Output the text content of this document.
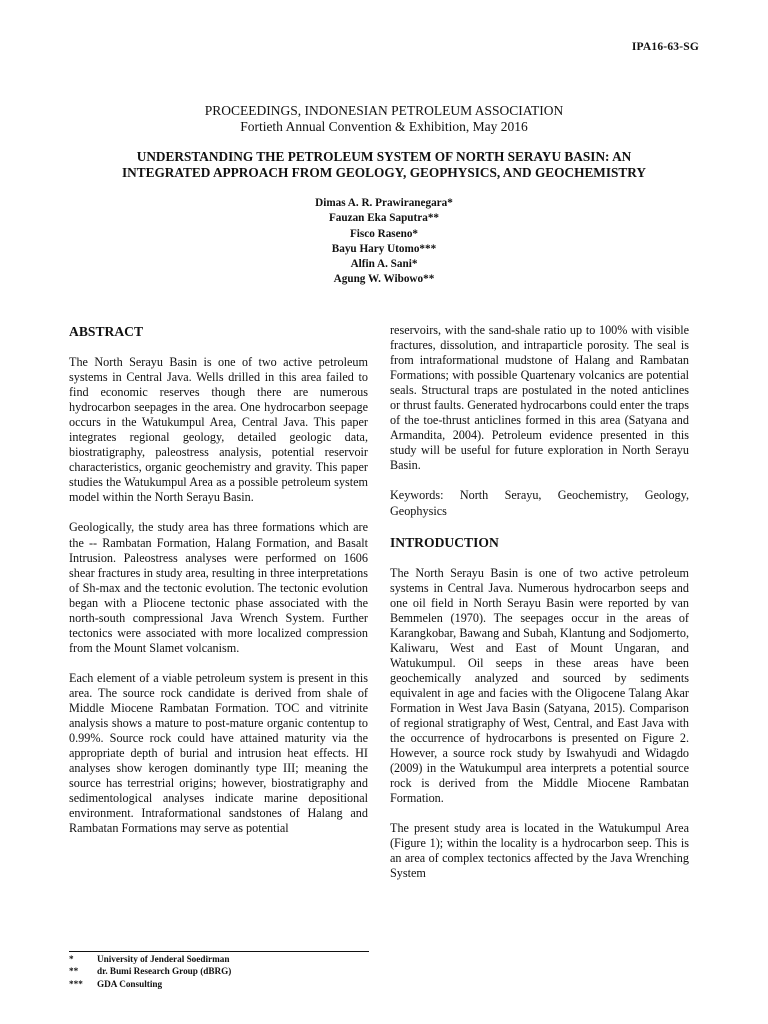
IPA16-63-SG
PROCEEDINGS, INDONESIAN PETROLEUM ASSOCIATION
Fortieth Annual Convention & Exhibition, May 2016
UNDERSTANDING THE PETROLEUM SYSTEM OF NORTH SERAYU BASIN: AN
INTEGRATED APPROACH FROM GEOLOGY, GEOPHYSICS, AND GEOCHEMISTRY
Dimas A. R. Prawiranegara*
Fauzan Eka Saputra**
Fisco Raseno*
Bayu Hary Utomo***
Alfin A. Sani*
Agung W. Wibowo**
ABSTRACT

The North Serayu Basin is one of two active petroleum systems in Central Java. Wells drilled in this area failed to find economic reserves though there are numerous hydrocarbon seepages in the area. One hydrocarbon seepage occurs in the Watukumpul Area, Central Java. This paper integrates regional geology, detailed geologic data, biostratigraphy, paleostress analysis, potential reservoir characteristics, organic geochemistry and gravity. This paper studies the Watukumpul Area as a possible petroleum system model within the North Serayu Basin.

Geologically, the study area has three formations which are the -- Rambatan Formation, Halang Formation, and Basalt Intrusion. Paleostress analyses were performed on 1606 shear fractures in study area, resulting in three interpretations of Sh-max and the tectonic evolution. The tectonic evolution began with a Pliocene tectonic phase associated with the north-south compressional Java Wrench System. Further tectonics were associated with more localized compression from the Mount Slamet volcanism.

Each element of a viable petroleum system is present in this area. The source rock candidate is derived from shale of Middle Miocene Rambatan Formation. TOC and vitrinite analysis shows a mature to post-mature organic contentup to 0.99%. Source rock could have attained maturity via the appropriate depth of burial and intrusion heat effects. HI analyses show kerogen dominantly type III; meaning the source has terrestrial origins; however, biostratigraphy and sedimentological analyses indicate marine depositional environment. Intraformational sandstones of Halang and Rambatan Formations may serve as potential

reservoirs, with the sand-shale ratio up to 100% with visible fractures, dissolution, and intraparticle porosity. The seal is from intraformational mudstone of Halang and Rambatan Formations; with possible Quartenary volcanics are potential seals. Structural traps are postulated in the noted anticlines or thrust faults. Generated hydrocarbons could enter the traps of the toe-thrust anticlines formed in this area (Satyana and Armandita, 2004). Petroleum evidence presented in this study will be useful for future exploration in North Serayu Basin.

Keywords: North Serayu, Geochemistry, Geology, Geophysics

INTRODUCTION

The North Serayu Basin is one of two active petroleum systems in Central Java. Numerous hydrocarbon seeps and one oil field in North Serayu Basin were reported by van Bemmelen (1970). The seepages occur in the areas of Karangkobar, Bawang and Subah, Klantung and Sodjomerto, Kaliwaru, West and East of Mount Ungaran, and Watukumpul. Oil seeps in these areas have been geochemically analyzed and sourced by sediments equivalent in age and facies with the Oligocene Talang Akar Formation in West Java Basin (Satyana, 2015). Comparison of regional stratigraphy of West, Central, and East Java with the occurrence of hydrocarbons is presented on Figure 2. However, a source rock study by Iswahyudi and Widagdo (2009) in the Watukumpul area interprets a potential source rock is derived from the Middle Miocene Rambatan Formation.

The present study area is located in the Watukumpul Area (Figure 1); within the locality is a hydrocarbon seep. This is an area of complex tectonics affected by the Java Wrenching System

*	University of Jenderal Soedirman
**	dr. Bumi Research Group (dBRG)
***	GDA Consulting
